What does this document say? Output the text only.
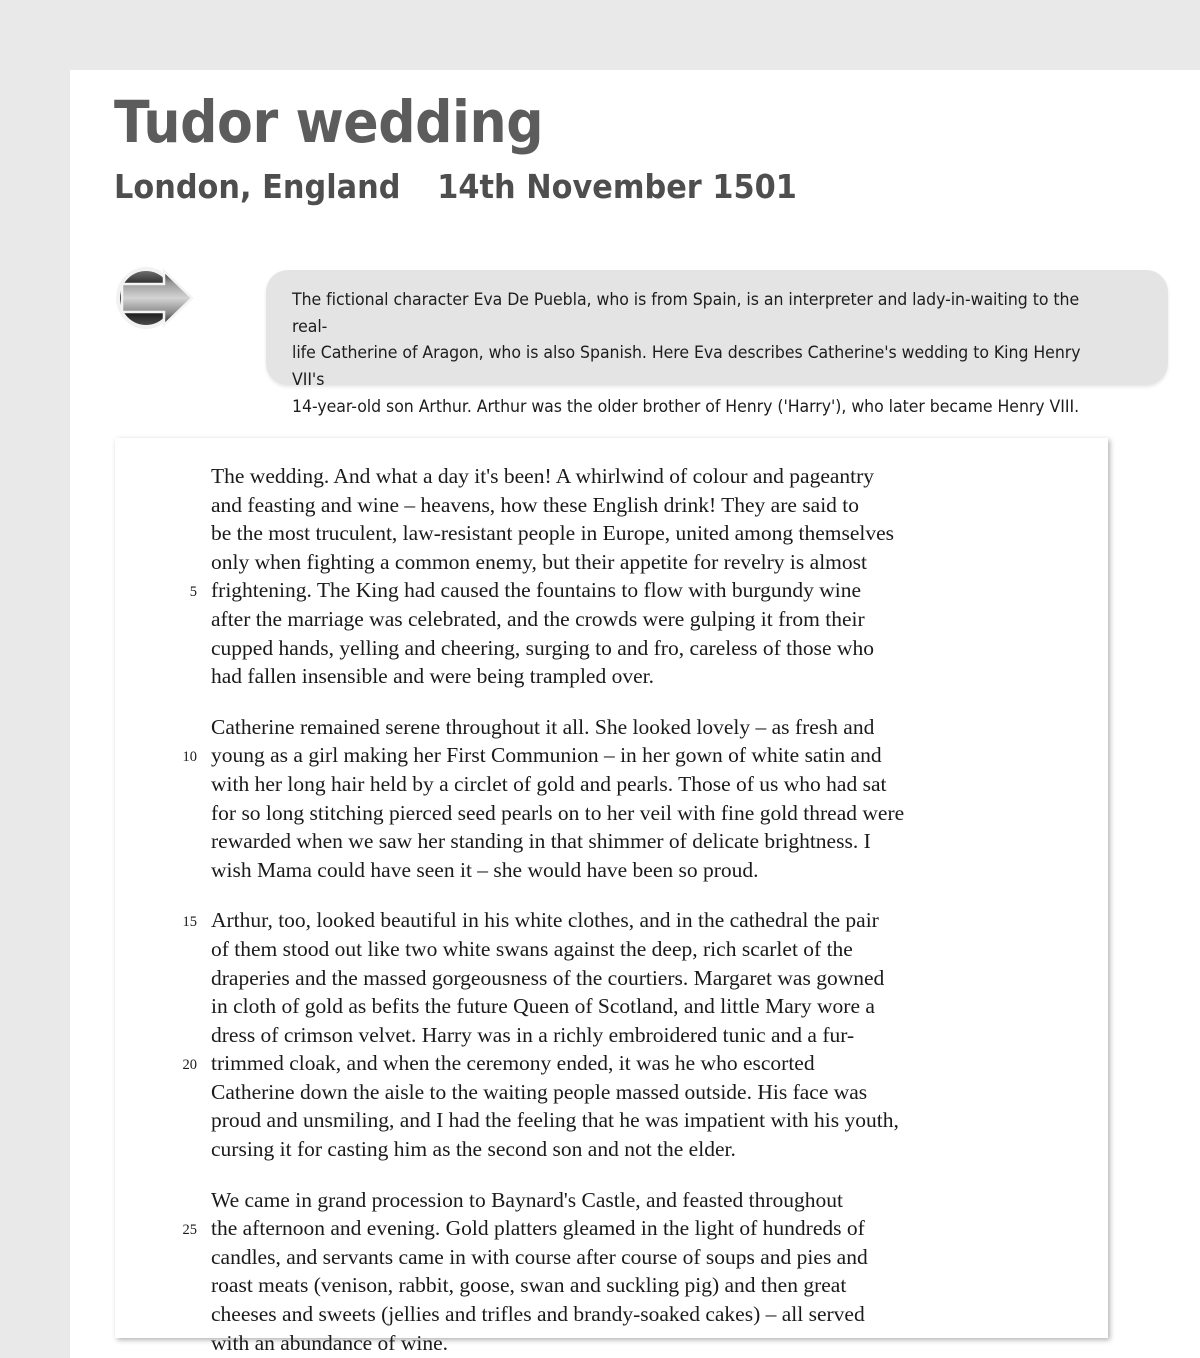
Tudor wedding
London, England 14th November 1501

The fictional character Eva De Puebla, who is from Spain, is an interpreter and lady-in-waiting to the real-

life Catherine of Aragon, who is also Spanish. Here Eva describes Catherine's wedding to King Henry VII's

14-year-old son Arthur. Arthur was the older brother of Henry ('Harry'), who later became Henry VIII.

The wedding. And what a day it's been! A whirlwind of colour and pageantry
and feasting and wine – heavens, how these English drink! They are said to
be the most truculent, law-resistant people in Europe, united among themselves
only when fighting a common enemy, but their appetite for revelry is almost
5 frightening. The King had caused the fountains to flow with burgundy wine
after the marriage was celebrated, and the crowds were gulping it from their
cupped hands, yelling and cheering, surging to and fro, careless of those who
had fallen insensible and were being trampled over.
Catherine remained serene throughout it all. She looked lovely – as fresh and
10 young as a girl making her First Communion – in her gown of white satin and
with her long hair held by a circlet of gold and pearls. Those of us who had sat
for so long stitching pierced seed pearls on to her veil with fine gold thread were
rewarded when we saw her standing in that shimmer of delicate brightness. I
wish Mama could have seen it – she would have been so proud.
15 Arthur, too, looked beautiful in his white clothes, and in the cathedral the pair
of them stood out like two white swans against the deep, rich scarlet of the
draperies and the massed gorgeousness of the courtiers. Margaret was gowned
in cloth of gold as befits the future Queen of Scotland, and little Mary wore a
dress of crimson velvet. Harry was in a richly embroidered tunic and a fur-
20 trimmed cloak, and when the ceremony ended, it was he who escorted
Catherine down the aisle to the waiting people massed outside. His face was
proud and unsmiling, and I had the feeling that he was impatient with his youth,
cursing it for casting him as the second son and not the elder.
We came in grand procession to Baynard's Castle, and feasted throughout
25 the afternoon and evening. Gold platters gleamed in the light of hundreds of
candles, and servants came in with course after course of soups and pies and
roast meats (venison, rabbit, goose, swan and suckling pig) and then great
cheeses and sweets (jellies and trifles and brandy-soaked cakes) – all served
with an abundance of wine.
